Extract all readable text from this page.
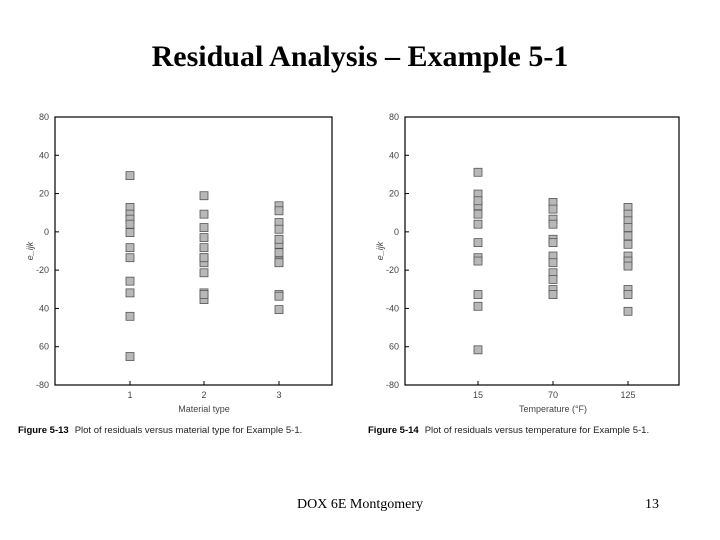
Residual Analysis – Example 5-1
80
40
20
0
-20
40
60
-80
e_ijk
1	2	3
Material type
80
40
20
0
-20
-40
60
-80
e_ijk
15	70	125
Temperature (°F)
Figure 5-13 Plot of residuals versus material type for Example 5-1.	Figure 5-14 Plot of residuals versus temperature for Example 5-1.
DOX 6E Montgomery	13
